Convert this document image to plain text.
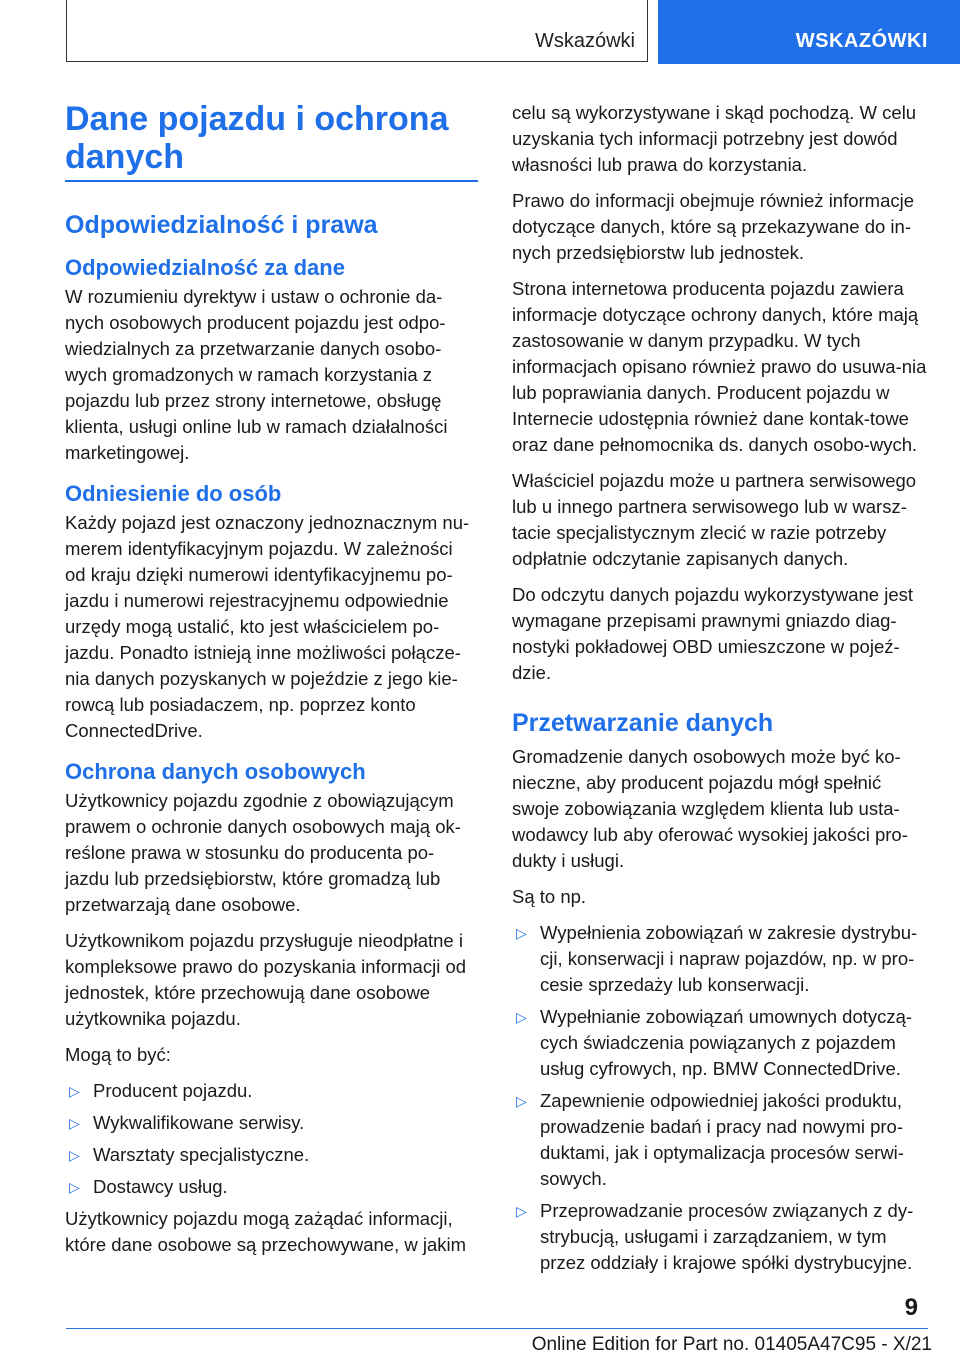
Wskazówki	WSKAZÓWKI
Dane pojazdu i ochrona danych
Odpowiedzialność i prawa
Odpowiedzialność za dane

W rozumieniu dyrektyw i ustaw o ochronie da-nych osobowych producent pojazdu jest odpo-wiedzialnych za przetwarzanie danych osobo-wych gromadzonych w ramach korzystania z pojazdu lub przez strony internetowe, obsługę klienta, usługi online lub w ramach działalności marketingowej.

Odniesienie do osób

Każdy pojazd jest oznaczony jednoznacznym nu-merem identyfikacyjnym pojazdu. W zależności od kraju dzięki numerowi identyfikacyjnemu po-jazdu i numerowi rejestracyjnemu odpowiednie urzędy mogą ustalić, kto jest właścicielem po-jazdu. Ponadto istnieją inne możliwości połącze-nia danych pozyskanych w pojeździe z jego kie-rowcą lub posiadaczem, np. poprzez konto ConnectedDrive.

Ochrona danych osobowych

Użytkownicy pojazdu zgodnie z obowiązującym prawem o ochronie danych osobowych mają ok-reślone prawa w stosunku do producenta po-jazdu lub przedsiębiorstw, które gromadzą lub przetwarzają dane osobowe.

Użytkownikom pojazdu przysługuje nieodpłatne i kompleksowe prawo do pozyskania informacji od jednostek, które przechowują dane osobowe użytkownika pojazdu.

Mogą to być:

▷ Producent pojazdu.
▷ Wykwalifikowane serwisy.
▷ Warsztaty specjalistyczne.
▷ Dostawcy usług.

Użytkownicy pojazdu mogą zażądać informacji, które dane osobowe są przechowywane, w jakim

celu są wykorzystywane i skąd pochodzą. W celu uzyskania tych informacji potrzebny jest dowód własności lub prawa do korzystania.

Prawo do informacji obejmuje również informacje dotyczące danych, które są przekazywane do in-nych przedsiębiorstw lub jednostek.

Strona internetowa producenta pojazdu zawiera informacje dotyczące ochrony danych, które mają zastosowanie w danym przypadku. W tych informacjach opisano również prawo do usuwa-nia lub poprawiania danych. Producent pojazdu w Internecie udostępnia również dane kontak-towe oraz dane pełnomocnika ds. danych osobo-wych.

Właściciel pojazdu może u partnera serwisowego lub u innego partnera serwisowego lub w warsz-tacie specjalistycznym zlecić w razie potrzeby odpłatnie odczytanie zapisanych danych.

Do odczytu danych pojazdu wykorzystywane jest wymagane przepisami prawnymi gniazdo diag-nostyki pokładowej OBD umieszczone w pojeź-dzie.

Przetwarzanie danych

Gromadzenie danych osobowych może być ko-nieczne, aby producent pojazdu mógł spełnić swoje zobowiązania względem klienta lub usta-wodawcy lub aby oferować wysokiej jakości pro-dukty i usługi.

Są to np.

▷ Wypełnienia zobowiązań w zakresie dystrybu-cji, konserwacji i napraw pojazdów, np. w pro-cesie sprzedaży lub konserwacji.
▷ Wypełnianie zobowiązań umownych dotyczą-cych świadczenia powiązanych z pojazdem usług cyfrowych, np. BMW ConnectedDrive.
▷ Zapewnienie odpowiedniej jakości produktu, prowadzenie badań i pracy nad nowymi pro-duktami, jak i optymalizacja procesów serwi-sowych.
▷ Przeprowadzanie procesów związanych z dy-strybucją, usługami i zarządzaniem, w tym przez oddziały i krajowe spółki dystrybucyjne.
9
Online Edition for Part no. 01405A47C95 - X/21
